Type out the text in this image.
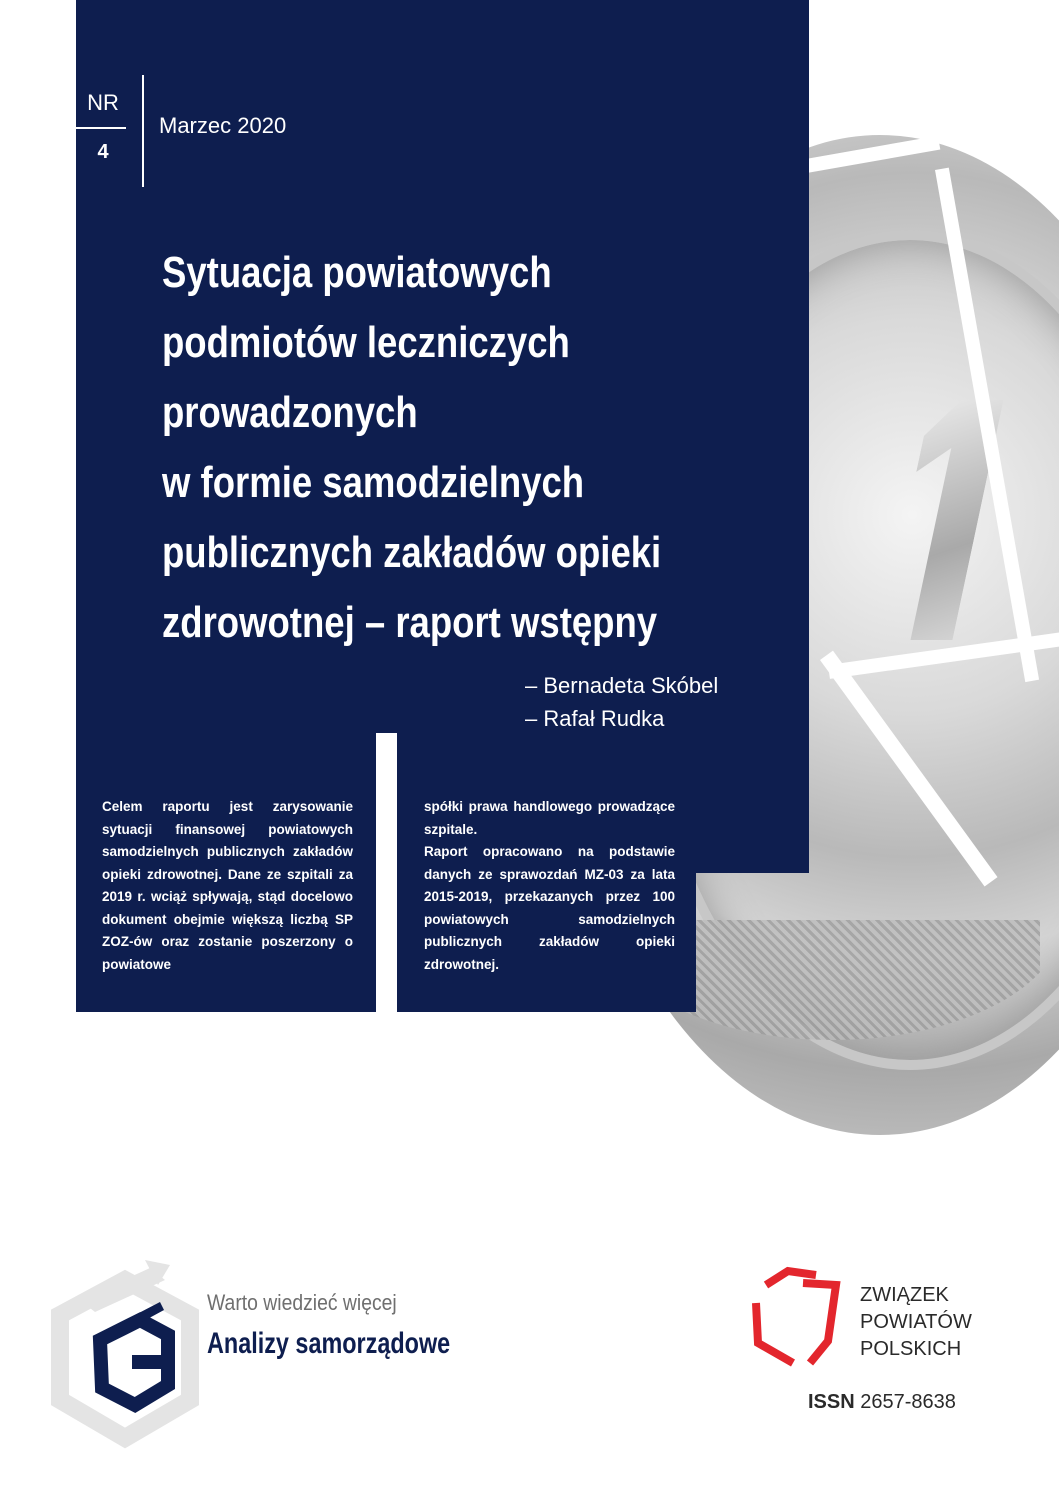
NR
4
Marzec 2020
Sytuacja powiatowych
podmiotów leczniczych
prowadzonych
w formie samodzielnych
publicznych zakładów opieki
zdrowotnej – raport wstępny
– Bernadeta Skóbel
– Rafał Rudka

Celem raportu jest zarysowanie sytuacji finansowej powiatowych samodzielnych publicznych zakładów opieki zdrowotnej. Dane ze szpitali za 2019 r. wciąż spływają, stąd docelowo dokument obejmie większą liczbą SP ZOZ-ów oraz zostanie poszerzony o powiatowe

spółki prawa handlowego prowadzące szpitale.

Raport opracowano na podstawie danych ze sprawozdań MZ-03 za lata 2015-2019, przekazanych przez 100 powiatowych samodzielnych publicznych zakładów opieki zdrowotnej.

Warto wiedzieć więcej
Analizy samorządowe
ZWIĄZEK
POWIATÓW
POLSKICH
ISSN 2657-8638
